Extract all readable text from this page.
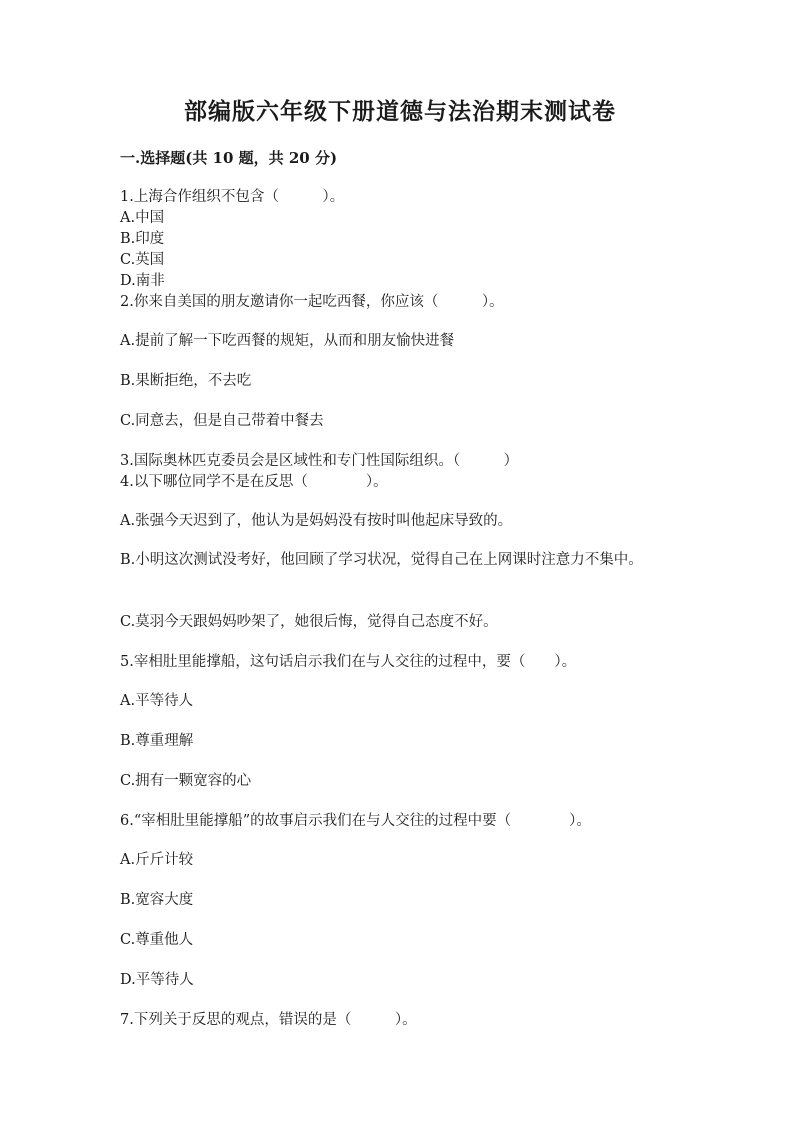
部编版六年级下册道德与法治期末测试卷
一.选择题(共 10 题，共 20 分)
1.上海合作组织不包含（　　　）。
A.中国
B.印度
C.英国
D.南非
2.你来自美国的朋友邀请你一起吃西餐，你应该（　　　）。
A.提前了解一下吃西餐的规矩，从而和朋友愉快进餐
B.果断拒绝，不去吃
C.同意去，但是自己带着中餐去
3.国际奥林匹克委员会是区域性和专门性国际组织。（　　　）
4.以下哪位同学不是在反思（　　　　）。
A.张强今天迟到了，他认为是妈妈没有按时叫他起床导致的。
B.小明这次测试没考好，他回顾了学习状况，觉得自己在上网课时注意力不集中。
C.莫羽今天跟妈妈吵架了，她很后悔，觉得自己态度不好。
5.宰相肚里能撑船，这句话启示我们在与人交往的过程中，要（　　）。
A.平等待人
B.尊重理解
C.拥有一颗宽容的心
6.“宰相肚里能撑船”的故事启示我们在与人交往的过程中要（　　　　）。
A.斤斤计较
B.宽容大度
C.尊重他人
D.平等待人
7.下列关于反思的观点，错误的是（　　　）。
